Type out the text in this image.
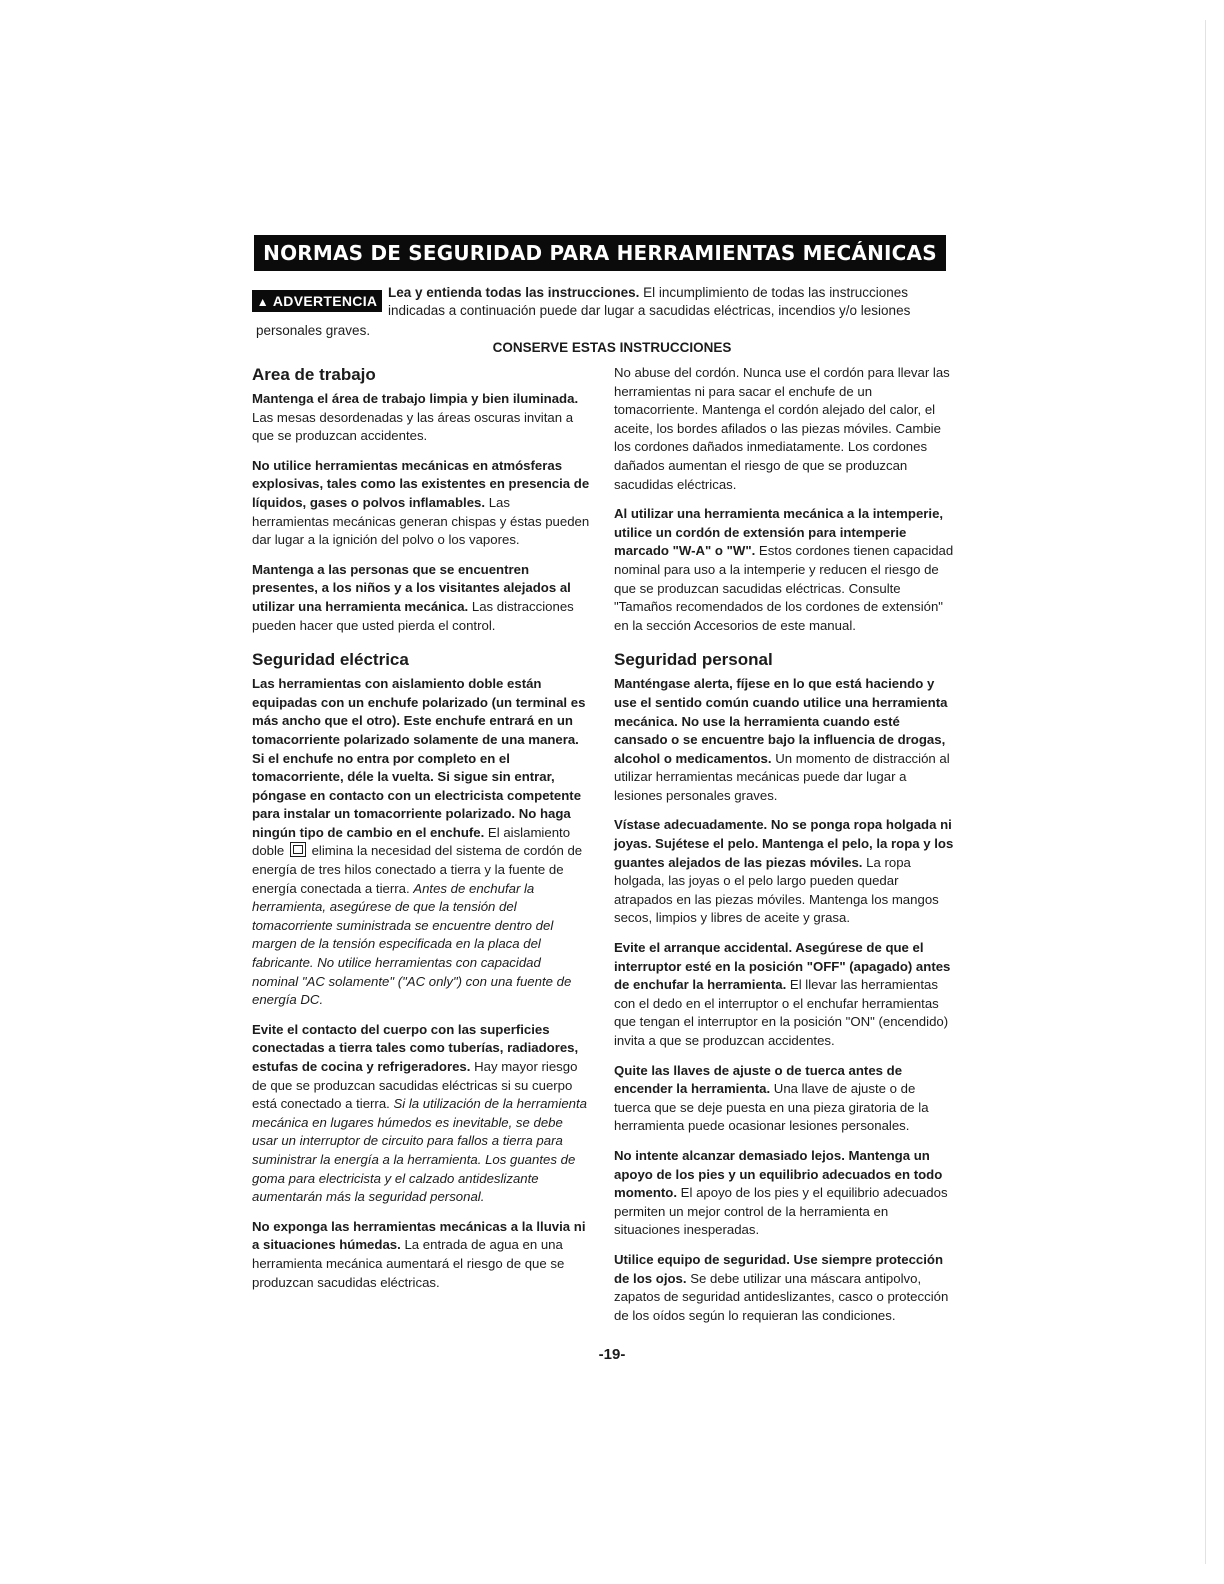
NORMAS DE SEGURIDAD PARA HERRAMIENTAS MECÁNICAS
▲ ADVERTENCIA
Lea y entienda todas las instrucciones. El incumplimiento de todas las instrucciones indicadas a continuación puede dar lugar a sacudidas eléctricas, incendios y/o lesiones
personales graves.
CONSERVE ESTAS INSTRUCCIONES
Area de trabajo

Mantenga el área de trabajo limpia y bien iluminada. Las mesas desordenadas y las áreas oscuras invitan a que se produzcan accidentes.

No utilice herramientas mecánicas en atmósferas explosivas, tales como las existentes en presencia de líquidos, gases o polvos inflamables. Las herramientas mecánicas generan chispas y éstas pueden dar lugar a la ignición del polvo o los vapores.

Mantenga a las personas que se encuentren presentes, a los niños y a los visitantes alejados al utilizar una herramienta mecánica. Las distracciones pueden hacer que usted pierda el control.

Seguridad eléctrica

Las herramientas con aislamiento doble están equipadas con un enchufe polarizado (un terminal es más ancho que el otro). Este enchufe entrará en un tomacorriente polarizado solamente de una manera. Si el enchufe no entra por completo en el tomacorriente, déle la vuelta. Si sigue sin entrar, póngase en contacto con un electricista competente para instalar un tomacorriente polarizado. No haga ningún tipo de cambio en el enchufe. El aislamiento doble  elimina la necesidad del sistema de cordón de energía de tres hilos conectado a tierra y la fuente de energía conectada a tierra. Antes de enchufar la herramienta, asegúrese de que la tensión del tomacorriente suministrada se encuentre dentro del margen de la tensión especificada en la placa del fabricante. No utilice herramientas con capacidad nominal "AC solamente" ("AC only") con una fuente de energía DC.

Evite el contacto del cuerpo con las superficies conectadas a tierra tales como tuberías, radiadores, estufas de cocina y refrigeradores. Hay mayor riesgo de que se produzcan sacudidas eléctricas si su cuerpo está conectado a tierra. Si la utilización de la herramienta mecánica en lugares húmedos es inevitable, se debe usar un interruptor de circuito para fallos a tierra para suministrar la energía a la herramienta. Los guantes de goma para electricista y el calzado antideslizante aumentarán más la seguridad personal.

No exponga las herramientas mecánicas a la lluvia ni a situaciones húmedas. La entrada de agua en una herramienta mecánica aumentará el riesgo de que se produzcan sacudidas eléctricas.

No abuse del cordón. Nunca use el cordón para llevar las herramientas ni para sacar el enchufe de un tomacorriente. Mantenga el cordón alejado del calor, el aceite, los bordes afilados o las piezas móviles. Cambie los cordones dañados inmediatamente. Los cordones dañados aumentan el riesgo de que se produzcan sacudidas eléctricas.

Al utilizar una herramienta mecánica a la intemperie, utilice un cordón de extensión para intemperie marcado "W-A" o "W". Estos cordones tienen capacidad nominal para uso a la intemperie y reducen el riesgo de que se produzcan sacudidas eléctricas. Consulte "Tamaños recomendados de los cordones de extensión" en la sección Accesorios de este manual.

Seguridad personal

Manténgase alerta, fíjese en lo que está haciendo y use el sentido común cuando utilice una herramienta mecánica. No use la herramienta cuando esté cansado o se encuentre bajo la influencia de drogas, alcohol o medicamentos. Un momento de distracción al utilizar herramientas mecánicas puede dar lugar a lesiones personales graves.

Vístase adecuadamente. No se ponga ropa holgada ni joyas. Sujétese el pelo. Mantenga el pelo, la ropa y los guantes alejados de las piezas móviles. La ropa holgada, las joyas o el pelo largo pueden quedar atrapados en las piezas móviles. Mantenga los mangos secos, limpios y libres de aceite y grasa.

Evite el arranque accidental. Asegúrese de que el interruptor esté en la posición "OFF" (apagado) antes de enchufar la herramienta. El llevar las herramientas con el dedo en el interruptor o el enchufar herramientas que tengan el interruptor en la posición "ON" (encendido) invita a que se produzcan accidentes.

Quite las llaves de ajuste o de tuerca antes de encender la herramienta. Una llave de ajuste o de tuerca que se deje puesta en una pieza giratoria de la herramienta puede ocasionar lesiones personales.

No intente alcanzar demasiado lejos. Mantenga un apoyo de los pies y un equilibrio adecuados en todo momento. El apoyo de los pies y el equilibrio adecuados permiten un mejor control de la herramienta en situaciones inesperadas.

Utilice equipo de seguridad. Use siempre protección de los ojos. Se debe utilizar una máscara antipolvo, zapatos de seguridad antideslizantes, casco o protección de los oídos según lo requieran las condiciones.

-19-
